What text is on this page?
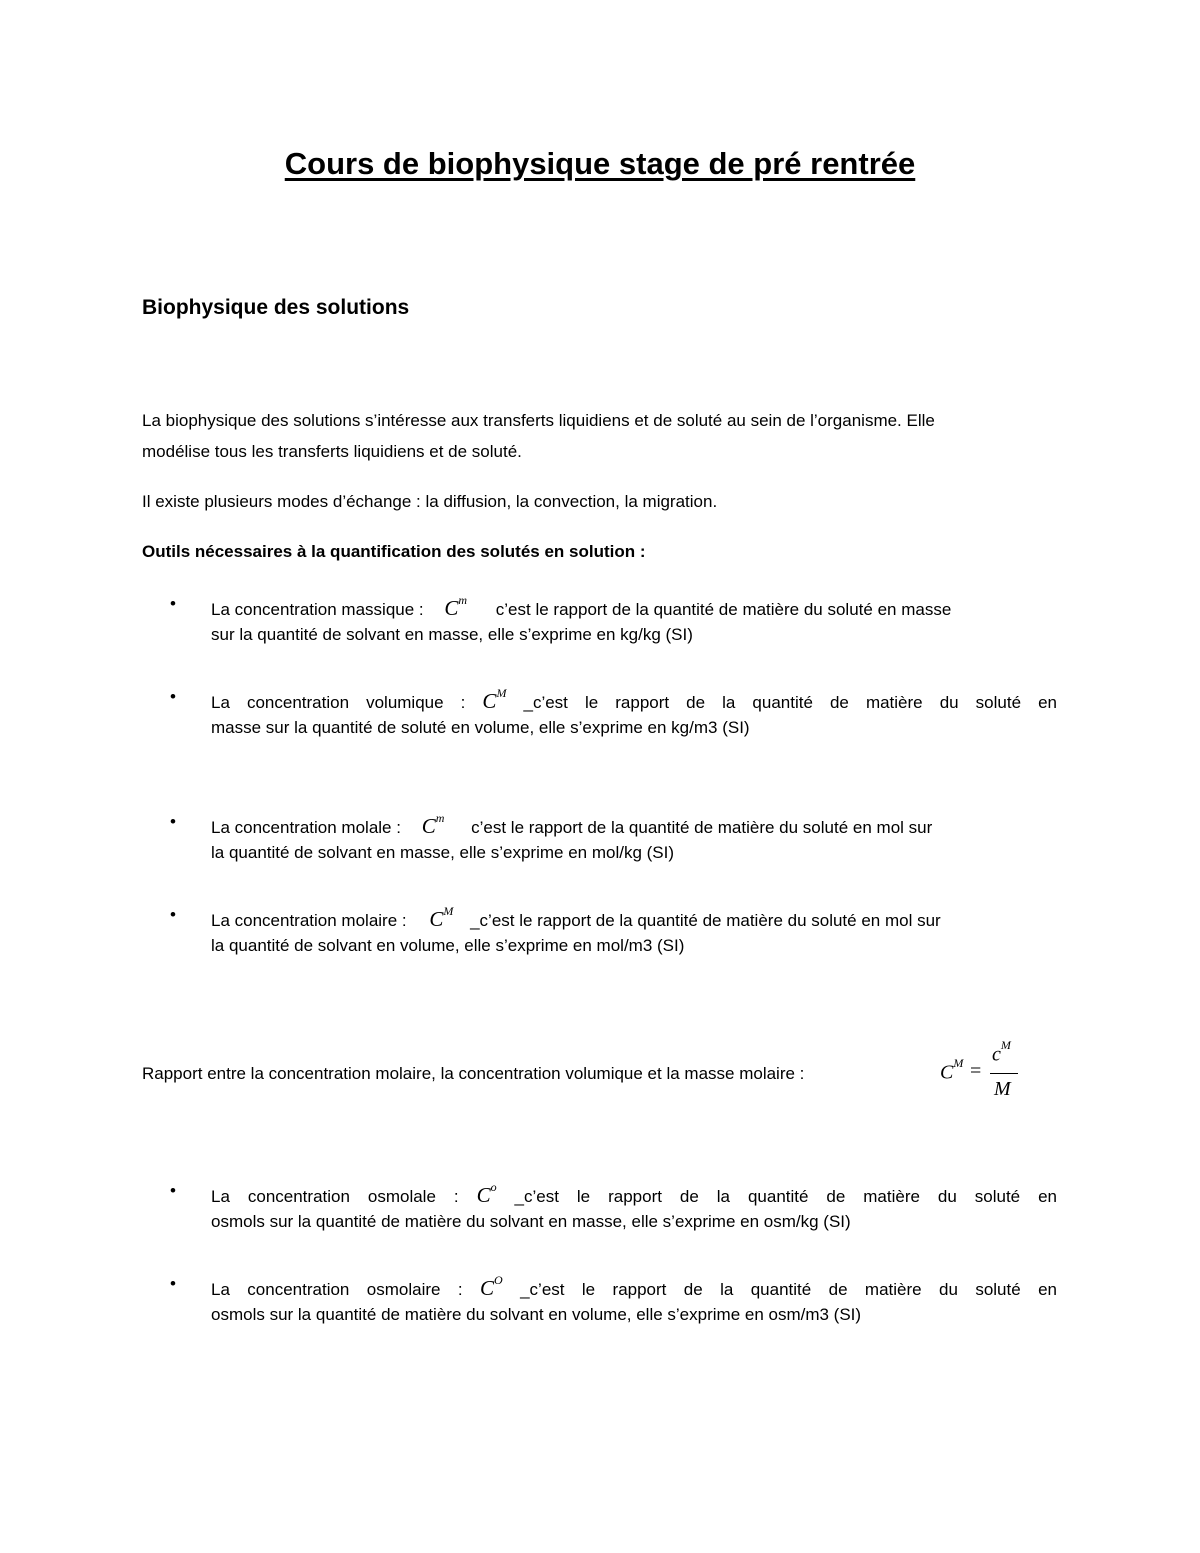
Cours de biophysique stage de pré rentrée
Biophysique des solutions
La biophysique des solutions s’intéresse aux transferts liquidiens et de soluté au sein de l’organisme. Elle
modélise tous les transferts liquidiens et de soluté.
Il existe plusieurs modes d’échange : la diffusion, la convection, la migration.
Outils nécessaires à la quantification des solutés en solution :
• La concentration massique : $C^m$ c’est le rapport de la quantité de matière du soluté en masse
sur la quantité de solvant en masse, elle s’exprime en kg/kg (SI)
• La concentration volumique : $C^M$ _c’est le rapport de la quantité de matière du soluté en
masse sur la quantité de soluté en volume, elle s’exprime en kg/m3 (SI)
• La concentration molale : $C^m$ c’est le rapport de la quantité de matière du soluté en mol sur
la quantité de solvant en masse, elle s’exprime en mol/kg (SI)
• La concentration molaire : $C^M$ _c’est le rapport de la quantité de matière du soluté en mol sur
la quantité de solvant en volume, elle s’exprime en mol/m3 (SI)
Rapport entre la concentration molaire, la concentration volumique et la masse molaire :	$C^M$ =
$c^M$
M
• La concentration osmolale : $C^o$ _c’est le rapport de la quantité de matière du soluté en
osmols sur la quantité de matière du solvant en masse, elle s’exprime en osm/kg (SI)
• La concentration osmolaire : $C^O$ _c’est le rapport de la quantité de matière du soluté en
osmols sur la quantité de matière du solvant en volume, elle s’exprime en osm/m3 (SI)
